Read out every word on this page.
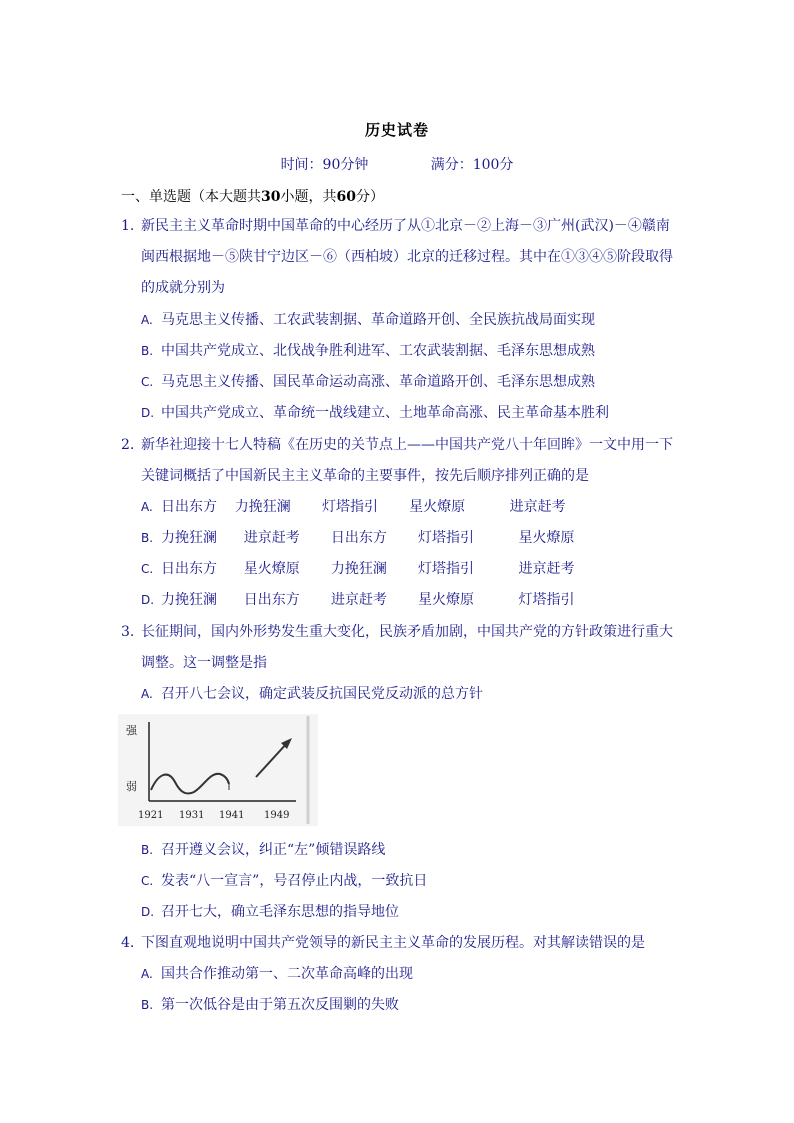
历史试卷
时间：90分钟	满分：100分
一、单选题（本大题共30小题，共60分）
1. 新民主主义革命时期中国革命的中心经历了从①北京－②上海－③广州(武汉)－④赣南闽西根据地－⑤陕甘宁边区－⑥（西柏坡）北京的迁移过程。其中在①③④⑤阶段取得的成就分别为
A. 马克思主义传播、工农武装割据、革命道路开创、全民族抗战局面实现
B. 中国共产党成立、北伐战争胜利进军、工农武装割据、毛泽东思想成熟
C. 马克思主义传播、国民革命运动高涨、革命道路开创、毛泽东思想成熟
D. 中国共产党成立、革命统一战线建立、土地革命高涨、民主革命基本胜利
2. 新华社迎接十七人特稿《在历史的关节点上——中国共产党八十年回眸》一文中用一下关键词概括了中国新民主主义革命的主要事件，按先后顺序排列正确的是
A. 日出东方    力挽狂澜       灯塔指引       星火燎原          进京赶考
B. 力挽狂澜      进京赶考       日出东方       灯塔指引          星火燎原
C. 日出东方      星火燎原       力挽狂澜       灯塔指引          进京赶考
D. 力挽狂澜      日出东方       进京赶考       星火燎原          灯塔指引
3. 长征期间，国内外形势发生重大变化，民族矛盾加剧，中国共产党的方针政策进行重大调整。这一调整是指
A. 召开八七会议，确定武装反抗国民党反动派的总方针
强
弱
1921 1931 1941 1949
B. 召开遵义会议，纠正“左”倾错误路线
C. 发表“八一宣言”，号召停止内战，一致抗日
D. 召开七大，确立毛泽东思想的指导地位
4. 下图直观地说明中国共产党领导的新民主主义革命的发展历程。对其解读错误的是
A. 国共合作推动第一、二次革命高峰的出现
B. 第一次低谷是由于第五次反围剿的失败
